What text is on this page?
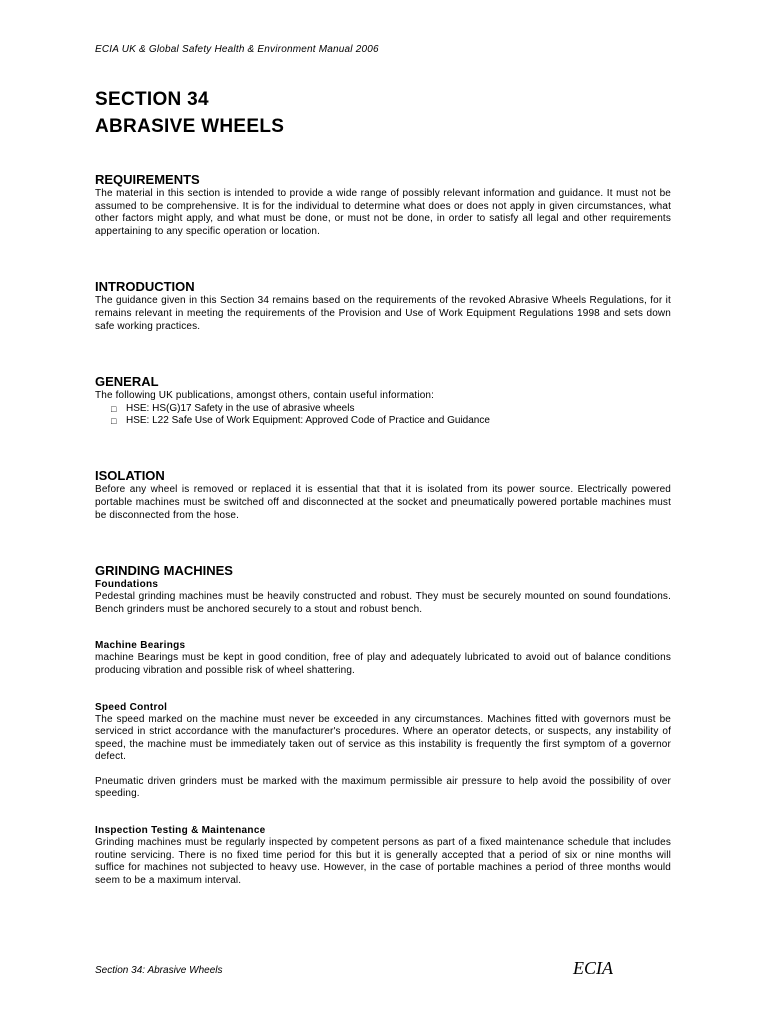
ECIA UK & Global Safety Health & Environment Manual 2006
SECTION 34
ABRASIVE WHEELS
REQUIREMENTS

The material in this section is intended to provide a wide range of possibly relevant information and guidance. It must not be assumed to be comprehensive. It is for the individual to determine what does or does not apply in given circumstances, what other factors might apply, and what must be done, or must not be done, in order to satisfy all legal and other requirements appertaining to any specific operation or location.

INTRODUCTION

The guidance given in this Section 34 remains based on the requirements of the revoked Abrasive Wheels Regulations, for it remains relevant in meeting the requirements of the Provision and Use of Work Equipment Regulations 1998 and sets down safe working practices.

GENERAL

The following UK publications, amongst others, contain useful information:

□ HSE: HS(G)17 Safety in the use of abrasive wheels
□ HSE: L22 Safe Use of Work Equipment: Approved Code of Practice and Guidance
ISOLATION

Before any wheel is removed or replaced it is essential that that it is isolated from its power source. Electrically powered portable machines must be switched off and disconnected at the socket and pneumatically powered portable machines must be disconnected from the hose.

GRINDING MACHINES
Foundations

Pedestal grinding machines must be heavily constructed and robust. They must be securely mounted on sound foundations. Bench grinders must be anchored securely to a stout and robust bench.

Machine Bearings

machine Bearings must be kept in good condition, free of play and adequately lubricated to avoid out of balance conditions producing vibration and possible risk of wheel shattering.

Speed Control

The speed marked on the machine must never be exceeded in any circumstances. Machines fitted with governors must be serviced in strict accordance with the manufacturer's procedures. Where an operator detects, or suspects, any instability of speed, the machine must be immediately taken out of service as this instability is frequently the first symptom of a governor defect.

Pneumatic driven grinders must be marked with the maximum permissible air pressure to help avoid the possibility of over speeding.

Inspection Testing & Maintenance

Grinding machines must be regularly inspected by competent persons as part of a fixed maintenance schedule that includes routine servicing. There is no fixed time period for this but it is generally accepted that a period of six or nine months will suffice for machines not subjected to heavy use. However, in the case of portable machines a period of three months would seem to be a maximum interval.

Section 34: Abrasive Wheels	ECIA
